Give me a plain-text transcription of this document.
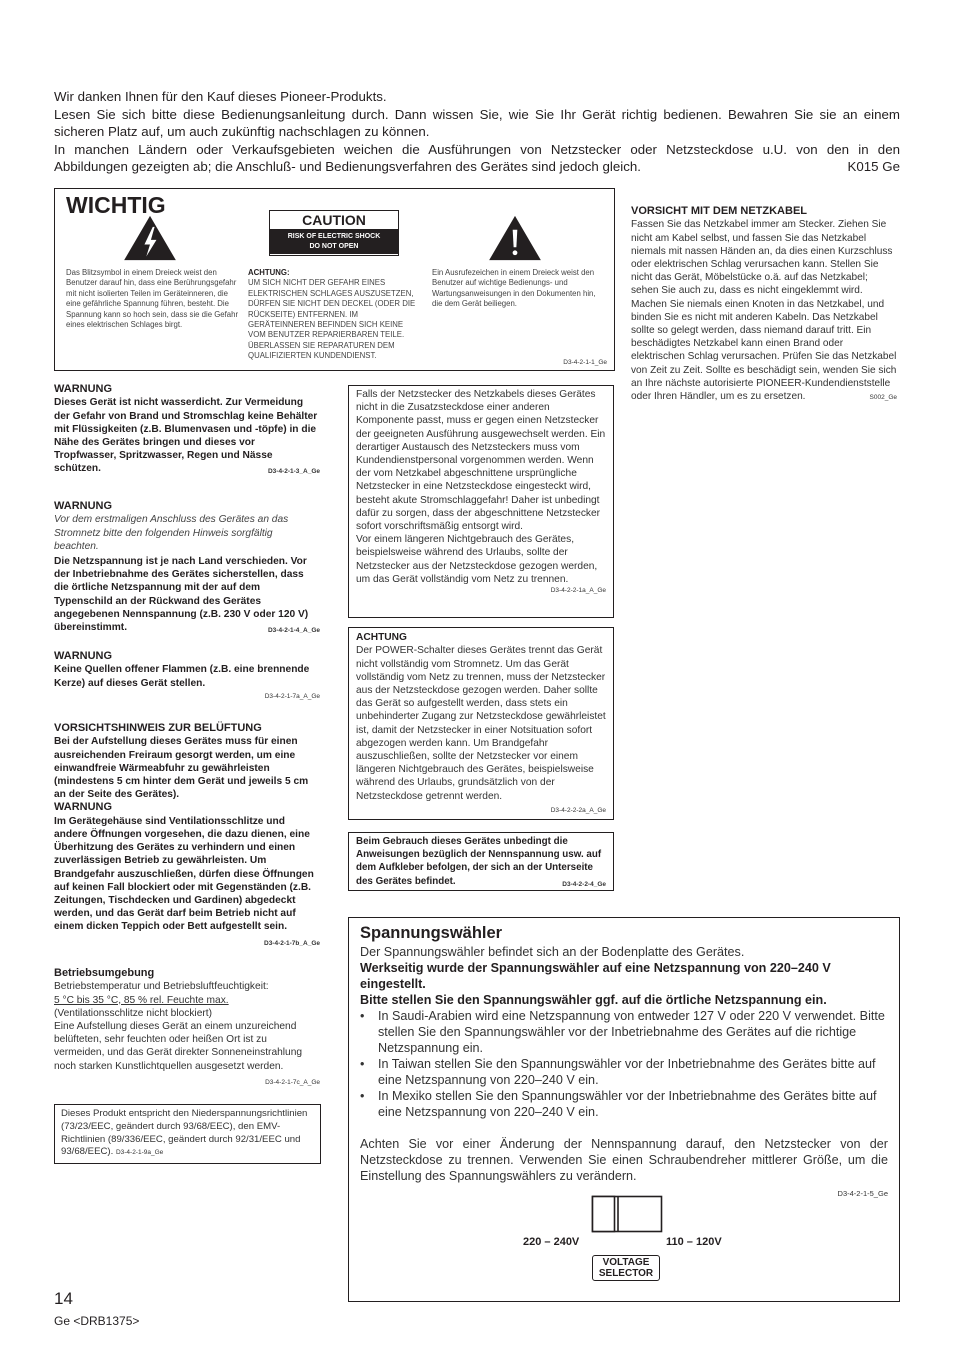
Wir danken Ihnen für den Kauf dieses Pioneer-Produkts.

Lesen Sie sich bitte diese Bedienungsanleitung durch. Dann wissen Sie, wie Sie Ihr Gerät richtig bedienen. Bewahren Sie sie an einem

sicheren Platz auf, um auch zukünftig nachschlagen zu können.

In manchen Ländern oder Verkaufsgebieten weichen die Ausführungen von Netzstecker oder Netzsteckdose u.U. von den in den

Abbildungen gezeigten ab; die Anschluß- und Bedienungsverfahren des Gerätes sind jedoch gleich.	K015 Ge

WICHTIG
CAUTION
RISK OF ELECTRIC SHOCK
DO NOT OPEN

Das Blitzsymbol in einem Dreieck weist den Benutzer darauf hin, dass eine Berührungsgefahr mit nicht isolierten Teilen im Geräteinneren, die eine gefährliche Spannung führen, besteht. Die Spannung kann so hoch sein, dass sie die Gefahr eines elektrischen Schlages birgt.

ACHTUNG:

UM SICH NICHT DER GEFAHR EINES ELEKTRISCHEN SCHLAGES AUSZUSETZEN, DÜRFEN SIE NICHT DEN DECKEL (ODER DIE RÜCKSEITE) ENTFERNEN. IM GERÄTEINNEREN BEFINDEN SICH KEINE VOM BENUTZER REPARIERBAREN TEILE. ÜBERLASSEN SIE REPARATUREN DEM QUALIFIZIERTEN KUNDENDIENST.

Ein Ausrufezeichen in einem Dreieck weist den Benutzer auf wichtige Bedienungs- und Wartungsanweisungen in den Dokumenten hin, die dem Gerät beiliegen.

D3-4-2-1-1_Ge

VORSICHT MIT DEM NETZKABEL

Fassen Sie das Netzkabel immer am Stecker. Ziehen Sie nicht am Kabel selbst, und fassen Sie das Netzkabel niemals mit nassen Händen an, da dies einen Kurzschluss oder elektrischen Schlag verursachen kann. Stellen Sie nicht das Gerät, Möbelstücke o.ä. auf das Netzkabel; sehen Sie auch zu, dass es nicht eingeklemmt wird. Machen Sie niemals einen Knoten in das Netzkabel, und binden Sie es nicht mit anderen Kabeln. Das Netzkabel sollte so gelegt werden, dass niemand darauf tritt. Ein beschädigtes Netzkabel kann einen Brand oder elektrischen Schlag verursachen. Prüfen Sie das Netzkabel von Zeit zu Zeit. Sollte es beschädigt sein, wenden Sie sich an Ihre nächste autorisierte PIONEER-Kundendienststelle oder Ihren Händler, um es zu ersetzen.	S002_Ge

WARNUNG

Dieses Gerät ist nicht wasserdicht. Zur Vermeidung der Gefahr von Brand und Stromschlag keine Behälter mit Flüssigkeiten (z.B. Blumenvasen und -töpfe) in die Nähe des Gerätes bringen und dieses vor Tropfwasser, Spritzwasser, Regen und Nässe schützen.	D3-4-2-1-3_A_Ge

WARNUNG

Vor dem erstmaligen Anschluss des Gerätes an das Stromnetz bitte den folgenden Hinweis sorgfältig beachten.

Die Netzspannung ist je nach Land verschieden. Vor der Inbetriebnahme des Gerätes sicherstellen, dass die örtliche Netzspannung mit der auf dem Typenschild an der Rückwand des Gerätes angegebenen Nennspannung (z.B. 230 V oder 120 V) übereinstimmt.	D3-4-2-1-4_A_Ge

WARNUNG

Keine Quellen offener Flammen (z.B. eine brennende Kerze) auf dieses Gerät stellen.

D3-4-2-1-7a_A_Ge

VORSICHTSHINWEIS ZUR BELÜFTUNG

Bei der Aufstellung dieses Gerätes muss für einen ausreichenden Freiraum gesorgt werden, um eine einwandfreie Wärmeabfuhr zu gewährleisten (mindestens 5 cm hinter dem Gerät und jeweils 5 cm an der Seite des Gerätes).

WARNUNG

Im Gerätegehäuse sind Ventilationsschlitze und andere Öffnungen vorgesehen, die dazu dienen, eine Überhitzung des Gerätes zu verhindern und einen zuverlässigen Betrieb zu gewährleisten. Um Brandgefahr auszuschließen, dürfen diese Öffnungen auf keinen Fall blockiert oder mit Gegenständen (z.B. Zeitungen, Tischdecken und Gardinen) abgedeckt werden, und das Gerät darf beim Betrieb nicht auf einem dicken Teppich oder Bett aufgestellt sein.
D3-4-2-1-7b_A_Ge

Betriebsumgebung

Betriebstemperatur und Betriebsluftfeuchtigkeit:

5 °C bis 35 °C, 85 % rel. Feuchte max.

(Ventilationsschlitze nicht blockiert)

Eine Aufstellung dieses Gerät an einem unzureichend belüfteten, sehr feuchten oder heißen Ort ist zu vermeiden, und das Gerät direkter Sonneneinstrahlung noch starken Kunstlichtquellen ausgesetzt werden.
D3-4-2-1-7c_A_Ge

Dieses Produkt entspricht den Niederspannungsrichtlinien (73/23/EEC, geändert durch 93/68/EEC), den EMV-Richtlinien (89/336/EEC, geändert durch 92/31/EEC und 93/68/EEC). D3-4-2-1-9a_Ge

Falls der Netzstecker des Netzkabels dieses Gerätes nicht in die Zusatzsteckdose einer anderen Komponente passt, muss er gegen einen Netzstecker der geeigneten Ausführung ausgewechselt werden. Ein derartiger Austausch des Netzsteckers muss vom Kundendienstpersonal vorgenommen werden. Wenn der vom Netzkabel abgeschnittene ursprüngliche Netzstecker in eine Netzsteckdose eingesteckt wird, besteht akute Stromschlaggefahr! Daher ist unbedingt dafür zu sorgen, dass der abgeschnittene Netzstecker sofort vorschriftsmäßig entsorgt wird.

Vor einem längeren Nichtgebrauch des Gerätes, beispielsweise während des Urlaubs, sollte der Netzstecker aus der Netzsteckdose gezogen werden, um das Gerät vollständig vom Netz zu trennen.

D3-4-2-2-1a_A_Ge

ACHTUNG

Der POWER-Schalter dieses Gerätes trennt das Gerät nicht vollständig vom Stromnetz. Um das Gerät vollständig vom Netz zu trennen, muss der Netzstecker aus der Netzsteckdose gezogen werden. Daher sollte das Gerät so aufgestellt werden, dass stets ein unbehinderter Zugang zur Netzsteckdose gewährleistet ist, damit der Netzstecker in einer Notsituation sofort abgezogen werden kann. Um Brandgefahr auszuschließen, sollte der Netzstecker vor einem längeren Nichtgebrauch des Gerätes, beispielsweise während des Urlaubs, grundsätzlich von der Netzsteckdose getrennt werden.

D3-4-2-2-2a_A_Ge

Beim Gebrauch dieses Gerätes unbedingt die Anweisungen bezüglich der Nennspannung usw. auf dem Aufkleber befolgen, der sich an der Unterseite des Gerätes befindet.	D3-4-2-2-4_Ge

Spannungswähler

Der Spannungswähler befindet sich an der Bodenplatte des Gerätes.

Werkseitig wurde der Spannungswähler auf eine Netzspannung von 220–240 V eingestellt.

Bitte stellen Sie den Spannungswähler ggf. auf die örtliche Netzspannung ein.

• In Saudi-Arabien wird eine Netzspannung von entweder 127 V oder 220 V verwendet. Bitte stellen Sie den Spannungswähler vor der Inbetriebnahme des Gerätes auf die richtige Netzspannung ein.
• In Taiwan stellen Sie den Spannungswähler vor der Inbetriebnahme des Gerätes bitte auf eine Netzspannung von 220–240 V ein.
• In Mexiko stellen Sie den Spannungswähler vor der Inbetriebnahme des Gerätes bitte auf eine Netzspannung von 220–240 V ein.

Achten Sie vor einer Änderung der Nennspannung darauf, den Netzstecker von der Netzsteckdose zu trennen. Verwenden Sie einen Schraubendreher mittlerer Größe, um die Einstellung des Spannungswählers zu verändern.

D3-4-2-1-5_Ge
220 – 240V	110 – 120V
VOLTAGE
SELECTOR
14
Ge <DRB1375>
